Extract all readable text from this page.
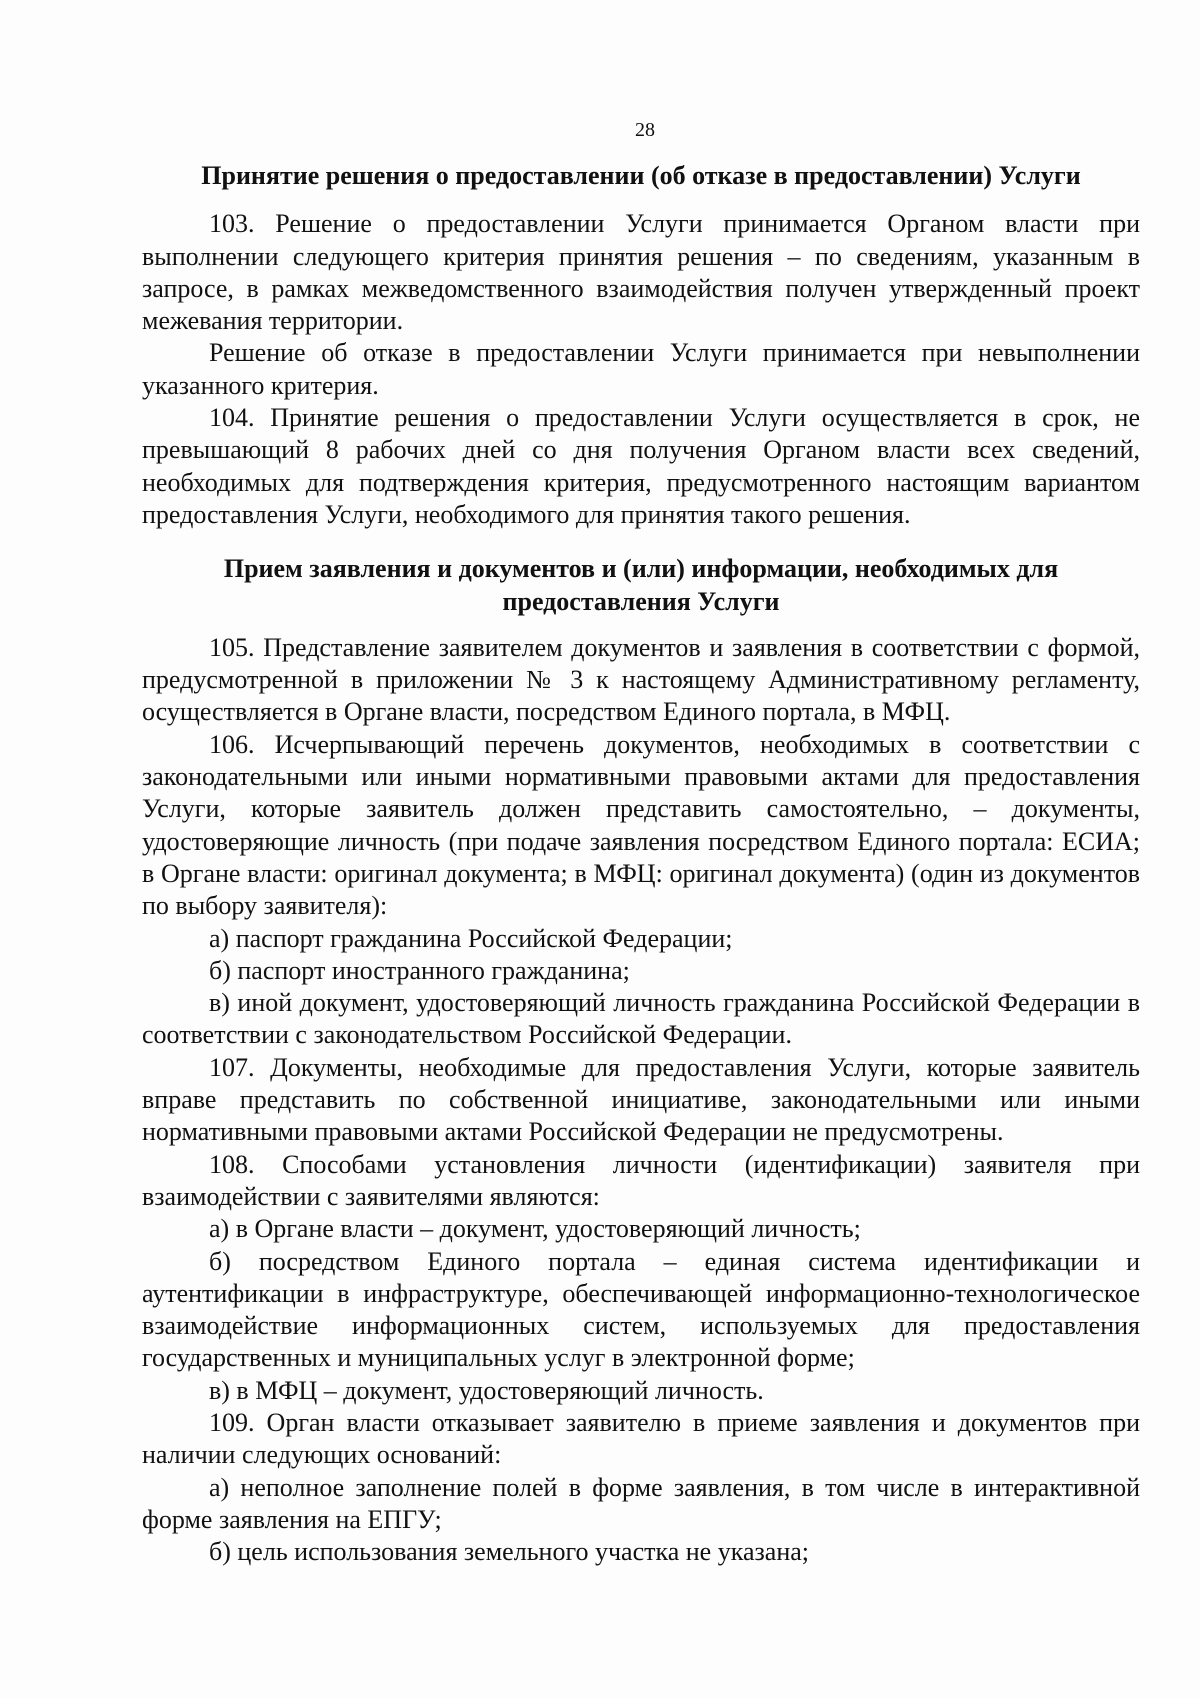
28
Принятие решения о предоставлении (об отказе в предоставлении) Услуги

103. Решение о предоставлении Услуги принимается Органом власти при выполнении следующего критерия принятия решения – по сведениям, указанным в запросе, в рамках межведомственного взаимодействия получен утвержденный проект межевания территории.

Решение об отказе в предоставлении Услуги принимается при невыполнении указанного критерия.

104. Принятие решения о предоставлении Услуги осуществляется в срок, не превышающий 8 рабочих дней со дня получения Органом власти всех сведений, необходимых для подтверждения критерия, предусмотренного настоящим вариантом предоставления Услуги, необходимого для принятия такого решения.

Прием заявления и документов и (или) информации, необходимых для предоставления Услуги

105. Представление заявителем документов и заявления в соответствии с формой, предусмотренной в приложении № 3 к настоящему Административному регламенту, осуществляется в Органе власти, посредством Единого портала, в МФЦ.

106. Исчерпывающий перечень документов, необходимых в соответствии с законодательными или иными нормативными правовыми актами для предоставления Услуги, которые заявитель должен представить самостоятельно, – документы, удостоверяющие личность (при подаче заявления посредством Единого портала: ЕСИА; в Органе власти: оригинал документа; в МФЦ: оригинал документа) (один из документов по выбору заявителя):

а) паспорт гражданина Российской Федерации;

б) паспорт иностранного гражданина;

в) иной документ, удостоверяющий личность гражданина Российской Федерации в соответствии с законодательством Российской Федерации.

107. Документы, необходимые для предоставления Услуги, которые заявитель вправе представить по собственной инициативе, законодательными или иными нормативными правовыми актами Российской Федерации не предусмотрены.

108. Способами установления личности (идентификации) заявителя при взаимодействии с заявителями являются:

а) в Органе власти – документ, удостоверяющий личность;

б) посредством Единого портала – единая система идентификации и аутентификации в инфраструктуре, обеспечивающей информационно-технологическое взаимодействие информационных систем, используемых для предоставления государственных и муниципальных услуг в электронной форме;

в) в МФЦ – документ, удостоверяющий личность.

109. Орган власти отказывает заявителю в приеме заявления и документов при наличии следующих оснований:

а) неполное заполнение полей в форме заявления, в том числе в интерактивной форме заявления на ЕПГУ;

б) цель использования земельного участка не указана;
